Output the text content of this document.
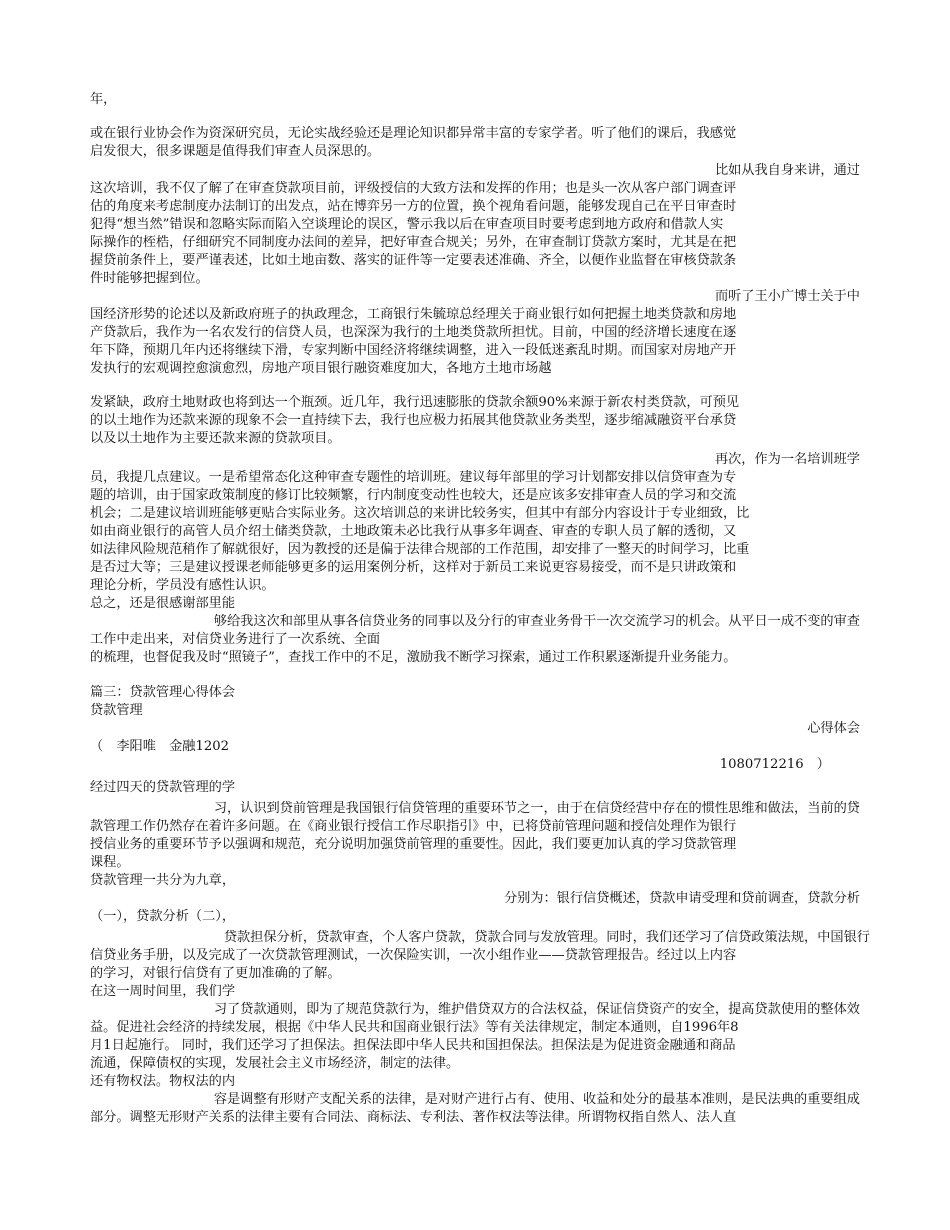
年，
或在银行业协会作为资深研究员，无论实战经验还是理论知识都异常丰富的专家学者。听了他们的课后，我感觉
启发很大，很多课题是值得我们审查人员深思的。
比如从我自身来讲，通过
这次培训，我不仅了解了在审查贷款项目前，评级授信的大致方法和发挥的作用；也是头一次从客户部门调查评
估的角度来考虑制度办法制订的出发点，站在博弈另一方的位置，换个视角看问题，能够发现自己在平日审查时
犯得“想当然”错误和忽略实际而陷入空谈理论的误区，警示我以后在审查项目时要考虑到地方政府和借款人实
际操作的桎梏，仔细研究不同制度办法间的差异，把好审查合规关；另外，在审查制订贷款方案时，尤其是在把
握贷前条件上，要严谨表述，比如土地亩数、落实的证件等一定要表述准确、齐全，以便作业监督在审核贷款条
件时能够把握到位。
而听了王小广博士关于中
国经济形势的论述以及新政府班子的执政理念，工商银行朱毓琼总经理关于商业银行如何把握土地类贷款和房地
产贷款后，我作为一名农发行的信贷人员，也深深为我行的土地类贷款所担忧。目前，中国的经济增长速度在逐
年下降，预期几年内还将继续下滑，专家判断中国经济将继续调整，进入一段低迷紊乱时期。而国家对房地产开
发执行的宏观调控愈演愈烈，房地产项目银行融资难度加大，各地方土地市场越
发紧缺，政府土地财政也将到达一个瓶颈。近几年，我行迅速膨胀的贷款余额90%来源于新农村类贷款，可预见
的以土地作为还款来源的现象不会一直持续下去，我行也应极力拓展其他贷款业务类型，逐步缩减融资平台承贷
以及以土地作为主要还款来源的贷款项目。
再次，作为一名培训班学
员，我提几点建议。一是希望常态化这种审查专题性的培训班。建议每年部里的学习计划都安排以信贷审查为专
题的培训，由于国家政策制度的修订比较频繁，行内制度变动性也较大，还是应该多安排审查人员的学习和交流
机会；二是建议培训班能够更贴合实际业务。这次培训总的来讲比较务实，但其中有部分内容设计于专业细致，比
如由商业银行的高管人员介绍土储类贷款，土地政策未必比我行从事多年调查、审查的专职人员了解的透彻，又
如法律风险规范稍作了解就很好，因为教授的还是偏于法律合规部的工作范围，却安排了一整天的时间学习，比重
是否过大等；三是建议授课老师能够更多的运用案例分析，这样对于新员工来说更容易接受，而不是只讲政策和
理论分析，学员没有感性认识。
总之，还是很感谢部里能
够给我这次和部里从事各信贷业务的同事以及分行的审查业务骨干一次交流学习的机会。从平日一成不变的审查
工作中走出来，对信贷业务进行了一次系统、全面
的梳理，也督促我及时“照镜子”，查找工作中的不足，激励我不断学习探索，通过工作积累逐渐提升业务能力。
篇三：贷款管理心得体会
贷款管理
心得体会
（　李阳唯　金融1202
1080712216　）
经过四天的贷款管理的学
习，认识到贷前管理是我国银行信贷管理的重要环节之一，由于在信贷经营中存在的惯性思维和做法，当前的贷
款管理工作仍然存在着许多问题。在《商业银行授信工作尽职指引》中，已将贷前管理问题和授信处理作为银行
授信业务的重要环节予以强调和规范，充分说明加强贷前管理的重要性。因此，我们要更加认真的学习贷款管理
课程。
贷款管理一共分为九章，
分别为：银行信贷概述，贷款申请受理和贷前调查，贷款分析
（一），贷款分析（二），
贷款担保分析，贷款审查，个人客户贷款，贷款合同与发放管理。同时，我们还学习了信贷政策法规，中国银行
信贷业务手册，以及完成了一次贷款管理测试，一次保险实训，一次小组作业——贷款管理报告。经过以上内容
的学习，对银行信贷有了更加准确的了解。
在这一周时间里，我们学
习了贷款通则，即为了规范贷款行为，维护借贷双方的合法权益，保证信贷资产的安全，提高贷款使用的整体效
益。促进社会经济的持续发展，根据《中华人民共和国商业银行法》等有关法律规定，制定本通则，自1996年8
月1日起施行。 同时，我们还学习了担保法。担保法即中华人民共和国担保法。担保法是为促进资金融通和商品
流通，保障债权的实现，发展社会主义市场经济，制定的法律。
还有物权法。物权法的内
容是调整有形财产支配关系的法律，是对财产进行占有、使用、收益和处分的最基本准则，是民法典的重要组成
部分。调整无形财产关系的法律主要有合同法、商标法、专利法、著作权法等法律。所谓物权指自然人、法人直
